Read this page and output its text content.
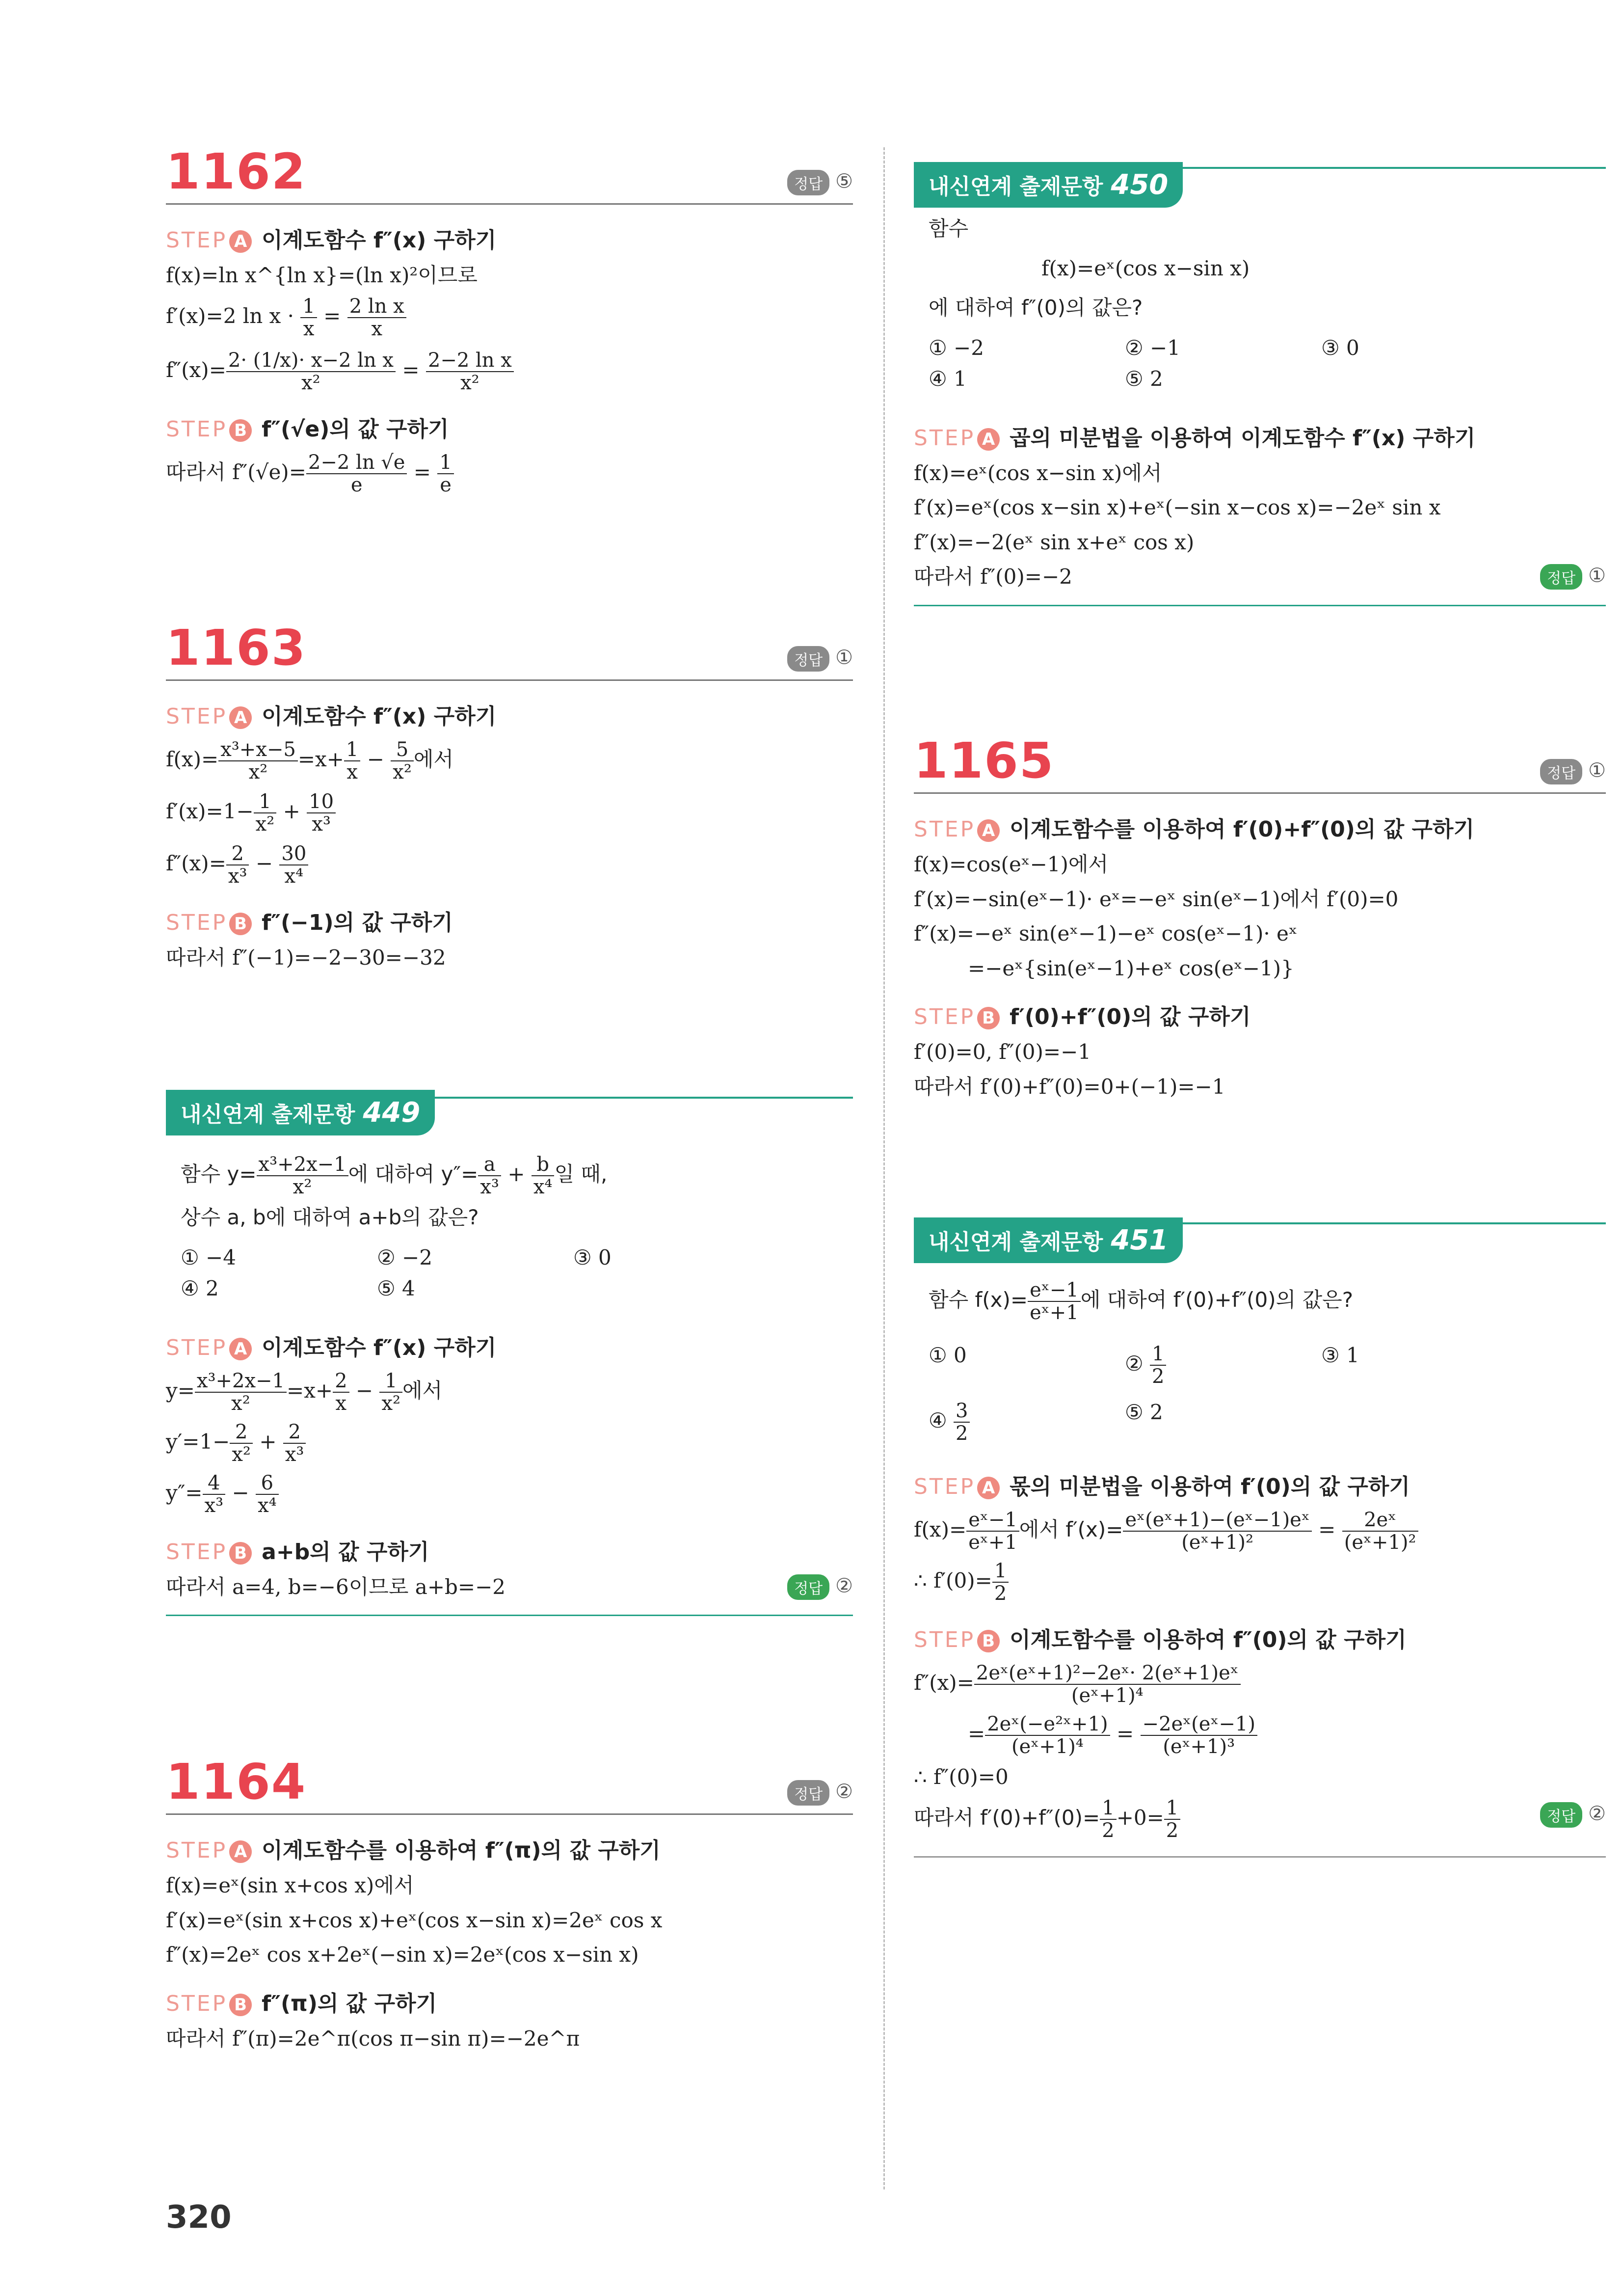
1162	정답 ⑤
STEP A 이계도함수 f″(x) 구하기

f(x)=ln x^{ln x}=(ln x)²이므로

f′(x)=2 $\ln x \cdot \frac{1}{x} = \frac{\text{2 ln x}}{x}$

$f''(x)= \frac{\text{2· (1/x)· x−2 ln x}}{\text{x²}} = \frac{\text{2−2 ln x}}{\text{x²}}$

STEP B f″(√e)의 값 구하기

따라서 $f''(√e)= \frac{2-2 \ln √e}{e} = \frac{1}{e}$

1163	정답 ①
STEP A 이계도함수 f″(x) 구하기

$f(x)= \frac{\text{x³+x−5}}{\text{x²}} =x+ \frac{1}{x} - \frac{5}{\text{x²}}$ 에서

$f'(x)=1- \frac{1}{\text{x²}} + \frac{10}{\text{x³}}$

$f''(x)= \frac{2}{\text{x³}} - \frac{30}{\text{x⁴}}$

STEP B f″(−1)의 값 구하기

따라서 f″(−1)=−2−30=−32

내신연계 출제문항 449

함수 $y= \frac{\text{x³+2x−1}}{\text{x²}}$ 에 대하여 $y''= \frac{a}{\text{x³}} + \frac{b}{\text{x⁴}}$ 일 때,

상수 a, b에 대하여 a+b의 값은?

① −4	② −2	③ 0
④ 2	⑤ 4
STEP A 이계도함수 f″(x) 구하기

$y= \frac{\text{x³+2x−1}}{\text{x²}} =x+ \frac{2}{x} - \frac{1}{\text{x²}}$ 에서

$y'=1- \frac{2}{\text{x²}} + \frac{2}{\text{x³}}$

$y''= \frac{4}{\text{x³}} - \frac{6}{\text{x⁴}}$

STEP B a+b의 값 구하기

따라서 a=4, b=−6이므로 a+b=−2	정답 ②
1164	정답 ②
STEP A 이계도함수를 이용하여 f″(π)의 값 구하기

f(x)=eˣ(sin x+cos x)에서

f′(x)=eˣ(sin x+cos x)+eˣ(cos x−sin x)=2eˣ cos x

f″(x)=2eˣ cos x+2eˣ(−sin x)=2eˣ(cos x−sin x)

STEP B f″(π)의 값 구하기

따라서 f″(π)=2e^π(cos π−sin π)=−2e^π

내신연계 출제문항 450

함수

f(x)=eˣ(cos x−sin x)

에 대하여 f″(0)의 값은?

① −2	② −1	③ 0
④ 1	⑤ 2
STEP A 곱의 미분법을 이용하여 이계도함수 f″(x) 구하기

f(x)=eˣ(cos x−sin x)에서

f′(x)=eˣ(cos x−sin x)+eˣ(−sin x−cos x)=−2eˣ sin x

f″(x)=−2(eˣ sin x+eˣ cos x)

따라서 f″(0)=−2	정답 ①
1165	정답 ①
STEP A 이계도함수를 이용하여 f′(0)+f″(0)의 값 구하기

f(x)=cos(eˣ−1)에서

f′(x)=−sin(eˣ−1)· eˣ=−eˣ sin(eˣ−1)에서 f′(0)=0

f″(x)=−eˣ sin(eˣ−1)−eˣ cos(eˣ−1)· eˣ

=−eˣ{sin(eˣ−1)+eˣ cos(eˣ−1)}

STEP B f′(0)+f″(0)의 값 구하기

f′(0)=0, f″(0)=−1

따라서 f′(0)+f″(0)=0+(−1)=−1

내신연계 출제문항 451

함수 $f(x)= \frac{\text{eˣ−1}}{\text{eˣ+1}}$ 에 대하여 f′(0)+f″(0)의 값은?

① 0	② $\frac{1}{2}$	③ 1
④ $\frac{3}{2}$	⑤ 2
STEP A 몫의 미분법을 이용하여 f′(0)의 값 구하기

$f(x)= \frac{\text{eˣ−1}}{\text{eˣ+1}}$ 에서 $f'(x)= \frac{\text{eˣ(eˣ+1)−(eˣ−1)eˣ}}{\text{(eˣ+1)²}} = \frac{\text{2eˣ}}{\text{(eˣ+1)²}}$

∴ $f'(0)= \frac{1}{2}$

STEP B 이계도함수를 이용하여 f″(0)의 값 구하기

$f''(x)= \frac{\text{2eˣ(eˣ+1)²−2eˣ· 2(eˣ+1)eˣ}}{\text{(eˣ+1)⁴}}$

= $\frac{\text{2eˣ(−e²ˣ+1)}}{\text{(eˣ+1)⁴}} = \frac{\text{−2eˣ(eˣ−1)}}{\text{(eˣ+1)³}}$

∴ f″(0)=0

따라서 $f'(0)+f''(0)= \frac{1}{2} +0= \frac{1}{2}$	정답 ②
320
